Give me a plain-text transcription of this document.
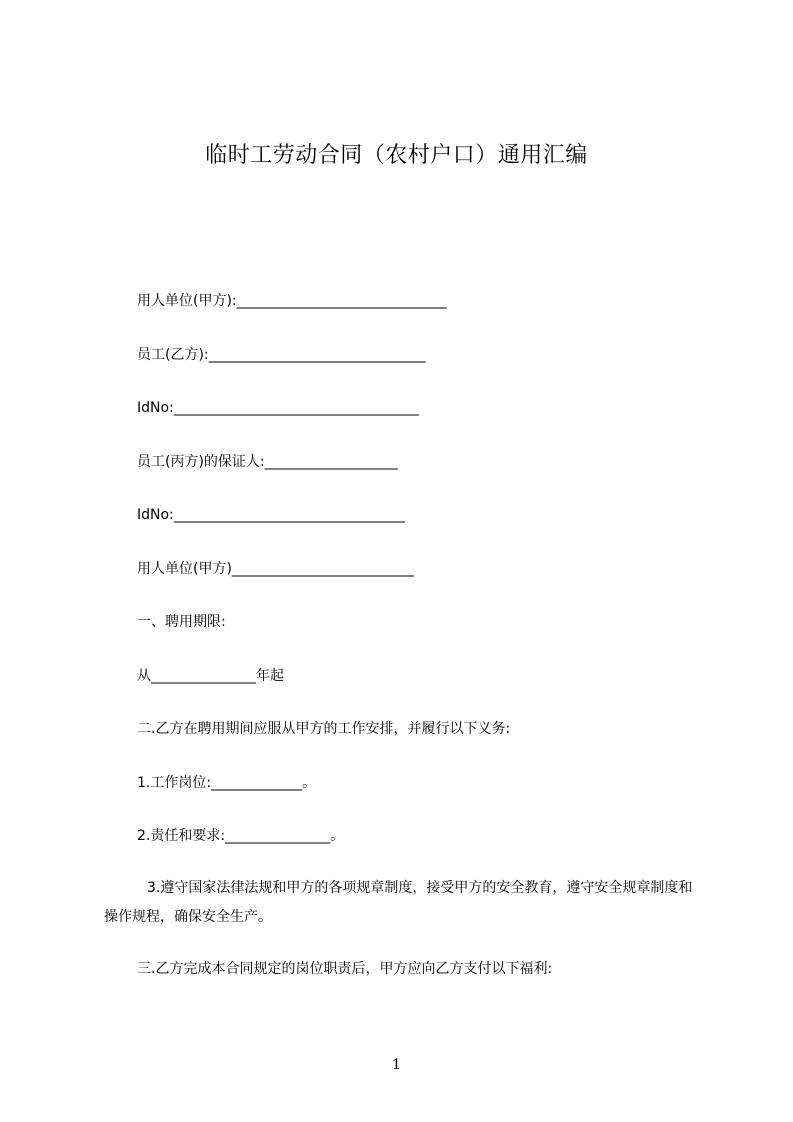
临时工劳动合同（农村户口）通用汇编
用人单位(甲方):______________________________
员工(乙方):_______________________________
IdNo:___________________________________
员工(丙方)的保证人:___________________
IdNo:_________________________________
用人单位(甲方)__________________________
一、聘用期限:
从_______________年起
二.乙方在聘用期间应服从甲方的工作安排，并履行以下义务:
1.工作岗位:_____________。
2.责任和要求:_______________。
3.遵守国家法律法规和甲方的各项规章制度，接受甲方的安全教育，遵守安全规章制度和操作规程，确保安全生产。
三.乙方完成本合同规定的岗位职责后，甲方应向乙方支付以下福利:
1
